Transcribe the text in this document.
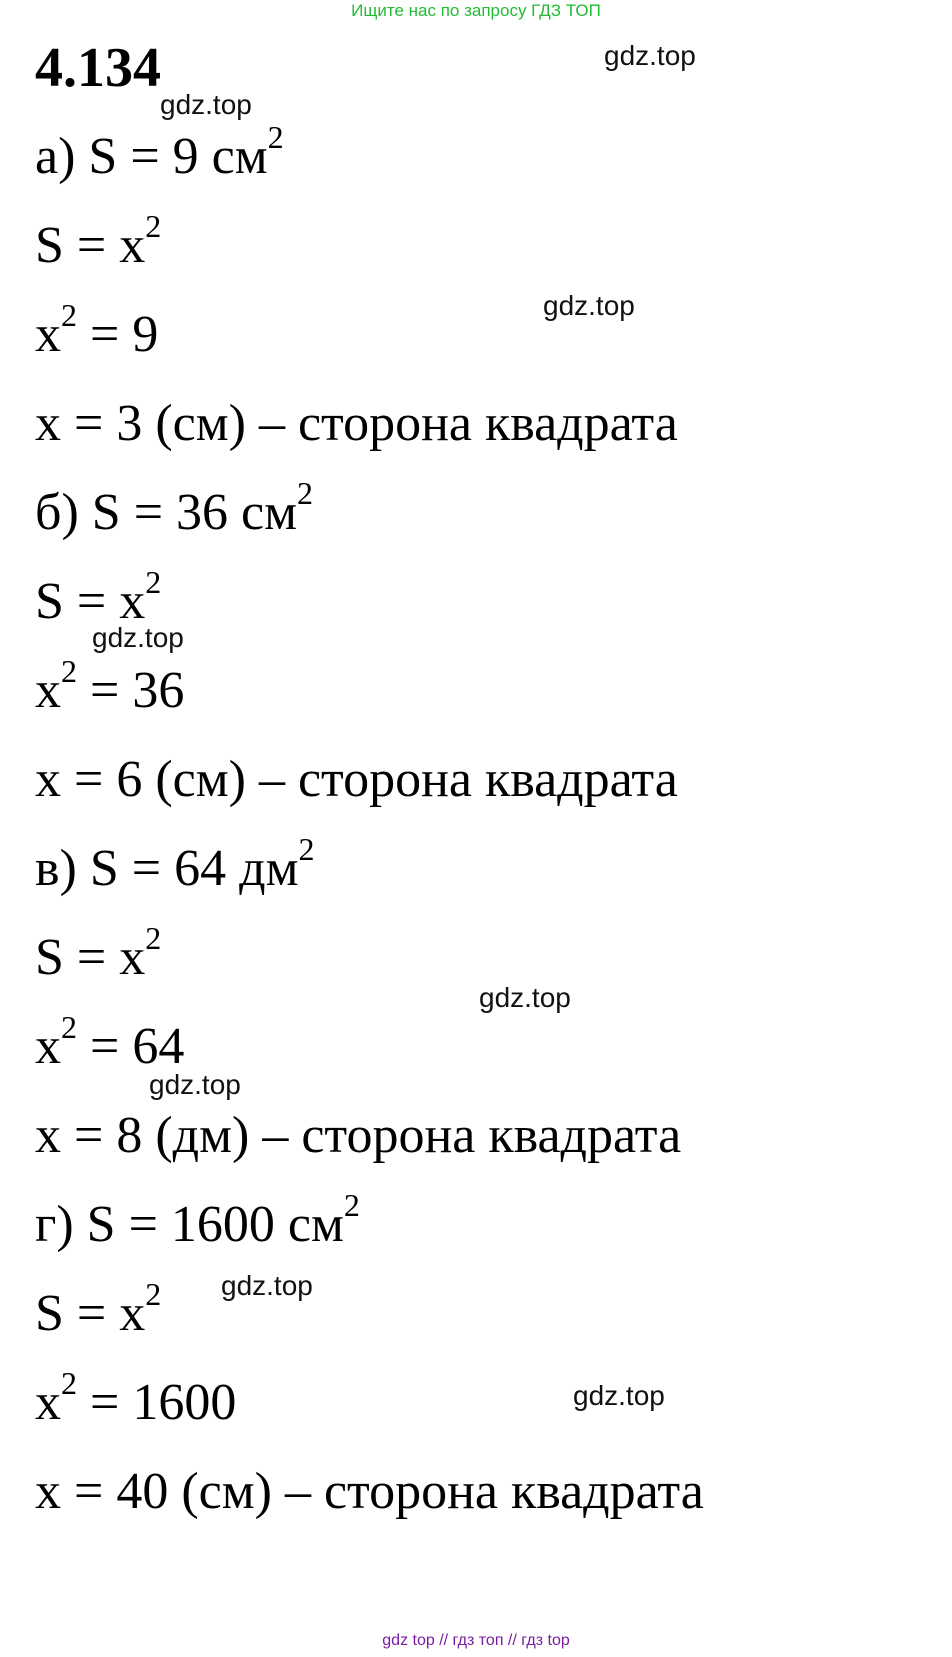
Ищите нас по запросу ГДЗ ТОП
4.134
а) S = 9 $см^2$
$S = x^2$
$x^2 = 9$
x = 3 (см) – сторона квадрата
б) S = 36 $см^2$
$S = x^2$
$x^2 = 36$
x = 6 (см) – сторона квадрата
в) S = 64 $дм^2$
$S = x^2$
$x^2 = 64$
x = 8 (дм) – сторона квадрата
г) S = 1600 $см^2$
$S = x^2$
$x^2 = 1600$
x = 40 (см) – сторона квадрата
gdz.top
gdz.top
gdz.top
gdz.top
gdz.top
gdz.top
gdz.top
gdz.top
gdz top // гдз топ // гдз top
